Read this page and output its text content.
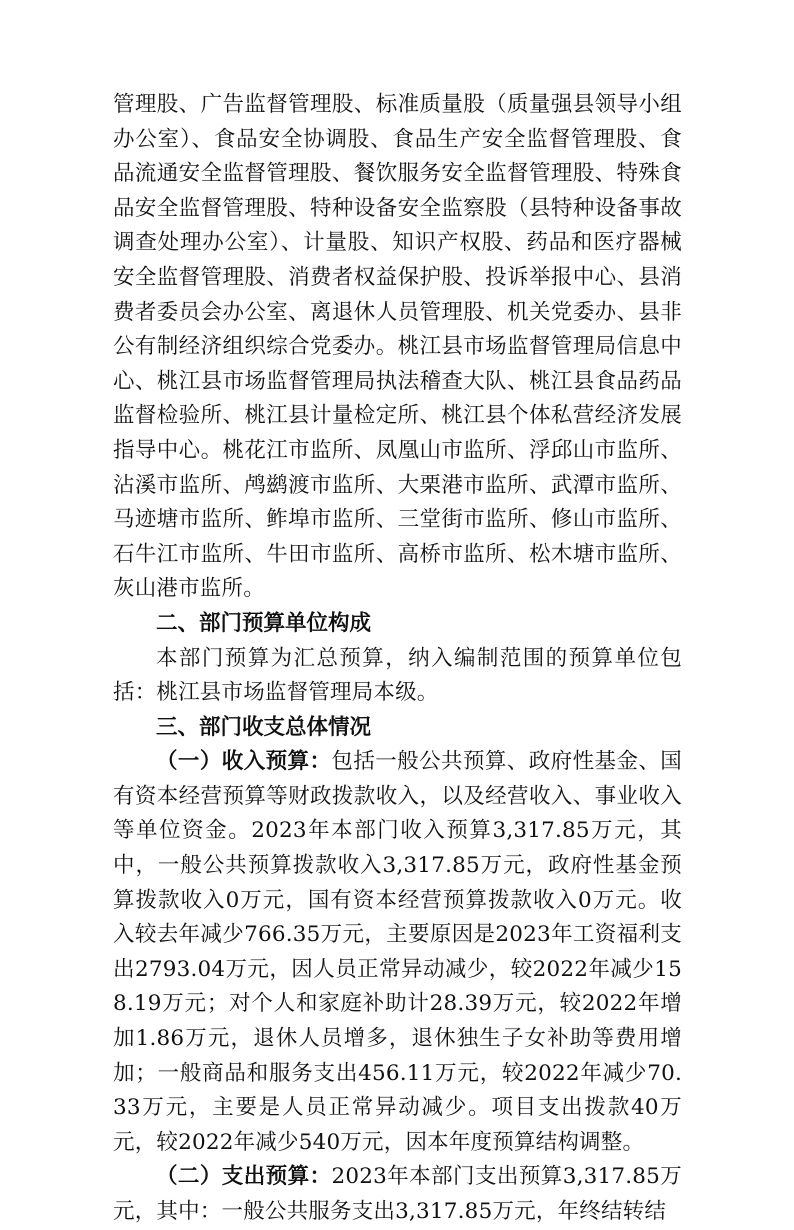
管理股、广告监督管理股、标准质量股（质量强县领导小组办公室）、食品安全协调股、食品生产安全监督管理股、食品流通安全监督管理股、餐饮服务安全监督管理股、特殊食品安全监督管理股、特种设备安全监察股（县特种设备事故调查处理办公室）、计量股、知识产权股、药品和医疗器械安全监督管理股、消费者权益保护股、投诉举报中心、县消费者委员会办公室、离退休人员管理股、机关党委办、县非公有制经济组织综合党委办。桃江县市场监督管理局信息中心、桃江县市场监督管理局执法稽查大队、桃江县食品药品监督检验所、桃江县计量检定所、桃江县个体私营经济发展指导中心。桃花江市监所、凤凰山市监所、浮邱山市监所、沾溪市监所、鸬鹚渡市监所、大栗港市监所、武潭市监所、马迹塘市监所、鲊埠市监所、三堂街市监所、修山市监所、石牛江市监所、牛田市监所、高桥市监所、松木塘市监所、灰山港市监所。

二、部门预算单位构成

本部门预算为汇总预算，纳入编制范围的预算单位包括：桃江县市场监督管理局本级。

三、部门收支总体情况

（一）收入预算：包括一般公共预算、政府性基金、国有资本经营预算等财政拨款收入，以及经营收入、事业收入等单位资金。2023年本部门收入预算3,317.85万元，其中，一般公共预算拨款收入3,317.85万元，政府性基金预算拨款收入0万元，国有资本经营预算拨款收入0万元。收入较去年减少766.35万元，主要原因是2023年工资福利支出2793.04万元，因人员正常异动减少，较2022年减少158.19万元；对个人和家庭补助计28.39万元，较2022年增加1.86万元，退休人员增多，退休独生子女补助等费用增加；一般商品和服务支出456.11万元，较2022年减少70.33万元，主要是人员正常异动减少。项目支出拨款40万元，较2022年减少540万元，因本年度预算结构调整。

（二）支出预算：2023年本部门支出预算3,317.85万元，其中：一般公共服务支出3,317.85万元，年终结转结
